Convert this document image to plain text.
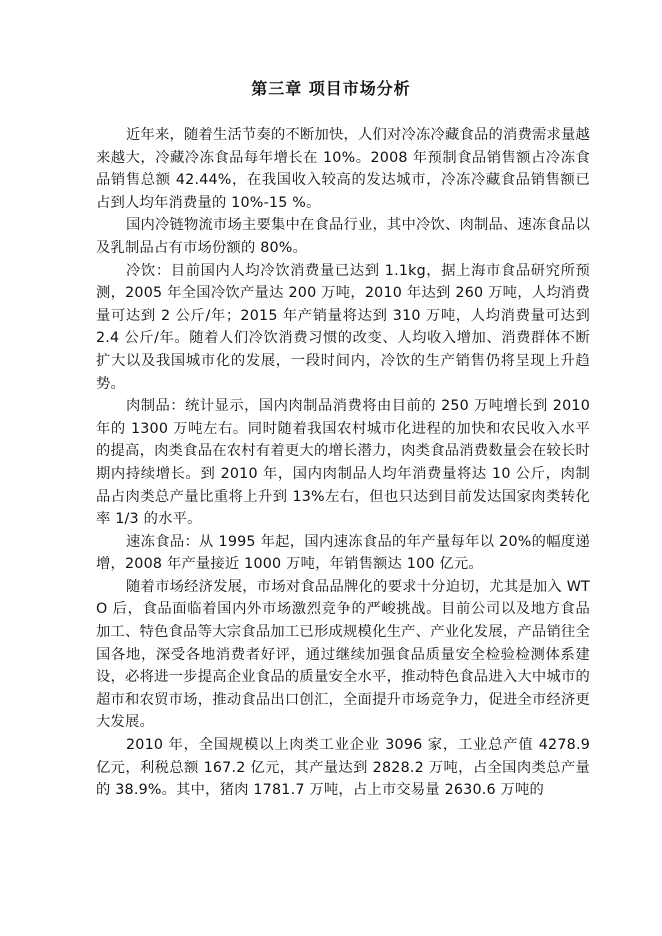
第三章 项目市场分析

近年来，随着生活节奏的不断加快，人们对冷冻冷藏食品的消费需求量越来越大，冷藏冷冻食品每年增长在 10%。2008 年预制食品销售额占冷冻食品销售总额 42.44%，在我国收入较高的发达城市，冷冻冷藏食品销售额已占到人均年消费量的 10%-15 %。

国内冷链物流市场主要集中在食品行业，其中冷饮、肉制品、速冻食品以及乳制品占有市场份额的 80%。

冷饮：目前国内人均冷饮消费量已达到 1.1kg，据上海市食品研究所预测，2005 年全国冷饮产量达 200 万吨，2010 年达到 260 万吨，人均消费量可达到 2 公斤/年；2015 年产销量将达到 310 万吨，人均消费量可达到 2.4 公斤/年。随着人们冷饮消费习惯的改变、人均收入增加、消费群体不断扩大以及我国城市化的发展，一段时间内，冷饮的生产销售仍将呈现上升趋势。

肉制品：统计显示，国内肉制品消费将由目前的 250 万吨增长到 2010 年的 1300 万吨左右。同时随着我国农村城市化进程的加快和农民收入水平的提高，肉类食品在农村有着更大的增长潜力，肉类食品消费数量会在较长时期内持续增长。到 2010 年，国内肉制品人均年消费量将达 10 公斤，肉制品占肉类总产量比重将上升到 13%左右，但也只达到目前发达国家肉类转化率 1/3 的水平。

速冻食品：从 1995 年起，国内速冻食品的年产量每年以 20%的幅度递增，2008 年产量接近 1000 万吨，年销售额达 100 亿元。

随着市场经济发展，市场对食品品牌化的要求十分迫切，尤其是加入 WTO 后，食品面临着国内外市场激烈竞争的严峻挑战。目前公司以及地方食品加工、特色食品等大宗食品加工已形成规模化生产、产业化发展，产品销往全国各地，深受各地消费者好评，通过继续加强食品质量安全检验检测体系建设，必将进一步提高企业食品的质量安全水平，推动特色食品进入大中城市的超市和农贸市场，推动食品出口创汇，全面提升市场竞争力，促进全市经济更大发展。

2010 年，全国规模以上肉类工业企业 3096 家，工业总产值 4278.9 亿元，利税总额 167.2 亿元，其产量达到 2828.2 万吨，占全国肉类总产量的 38.9%。其中，猪肉 1781.7 万吨，占上市交易量 2630.6 万吨的
